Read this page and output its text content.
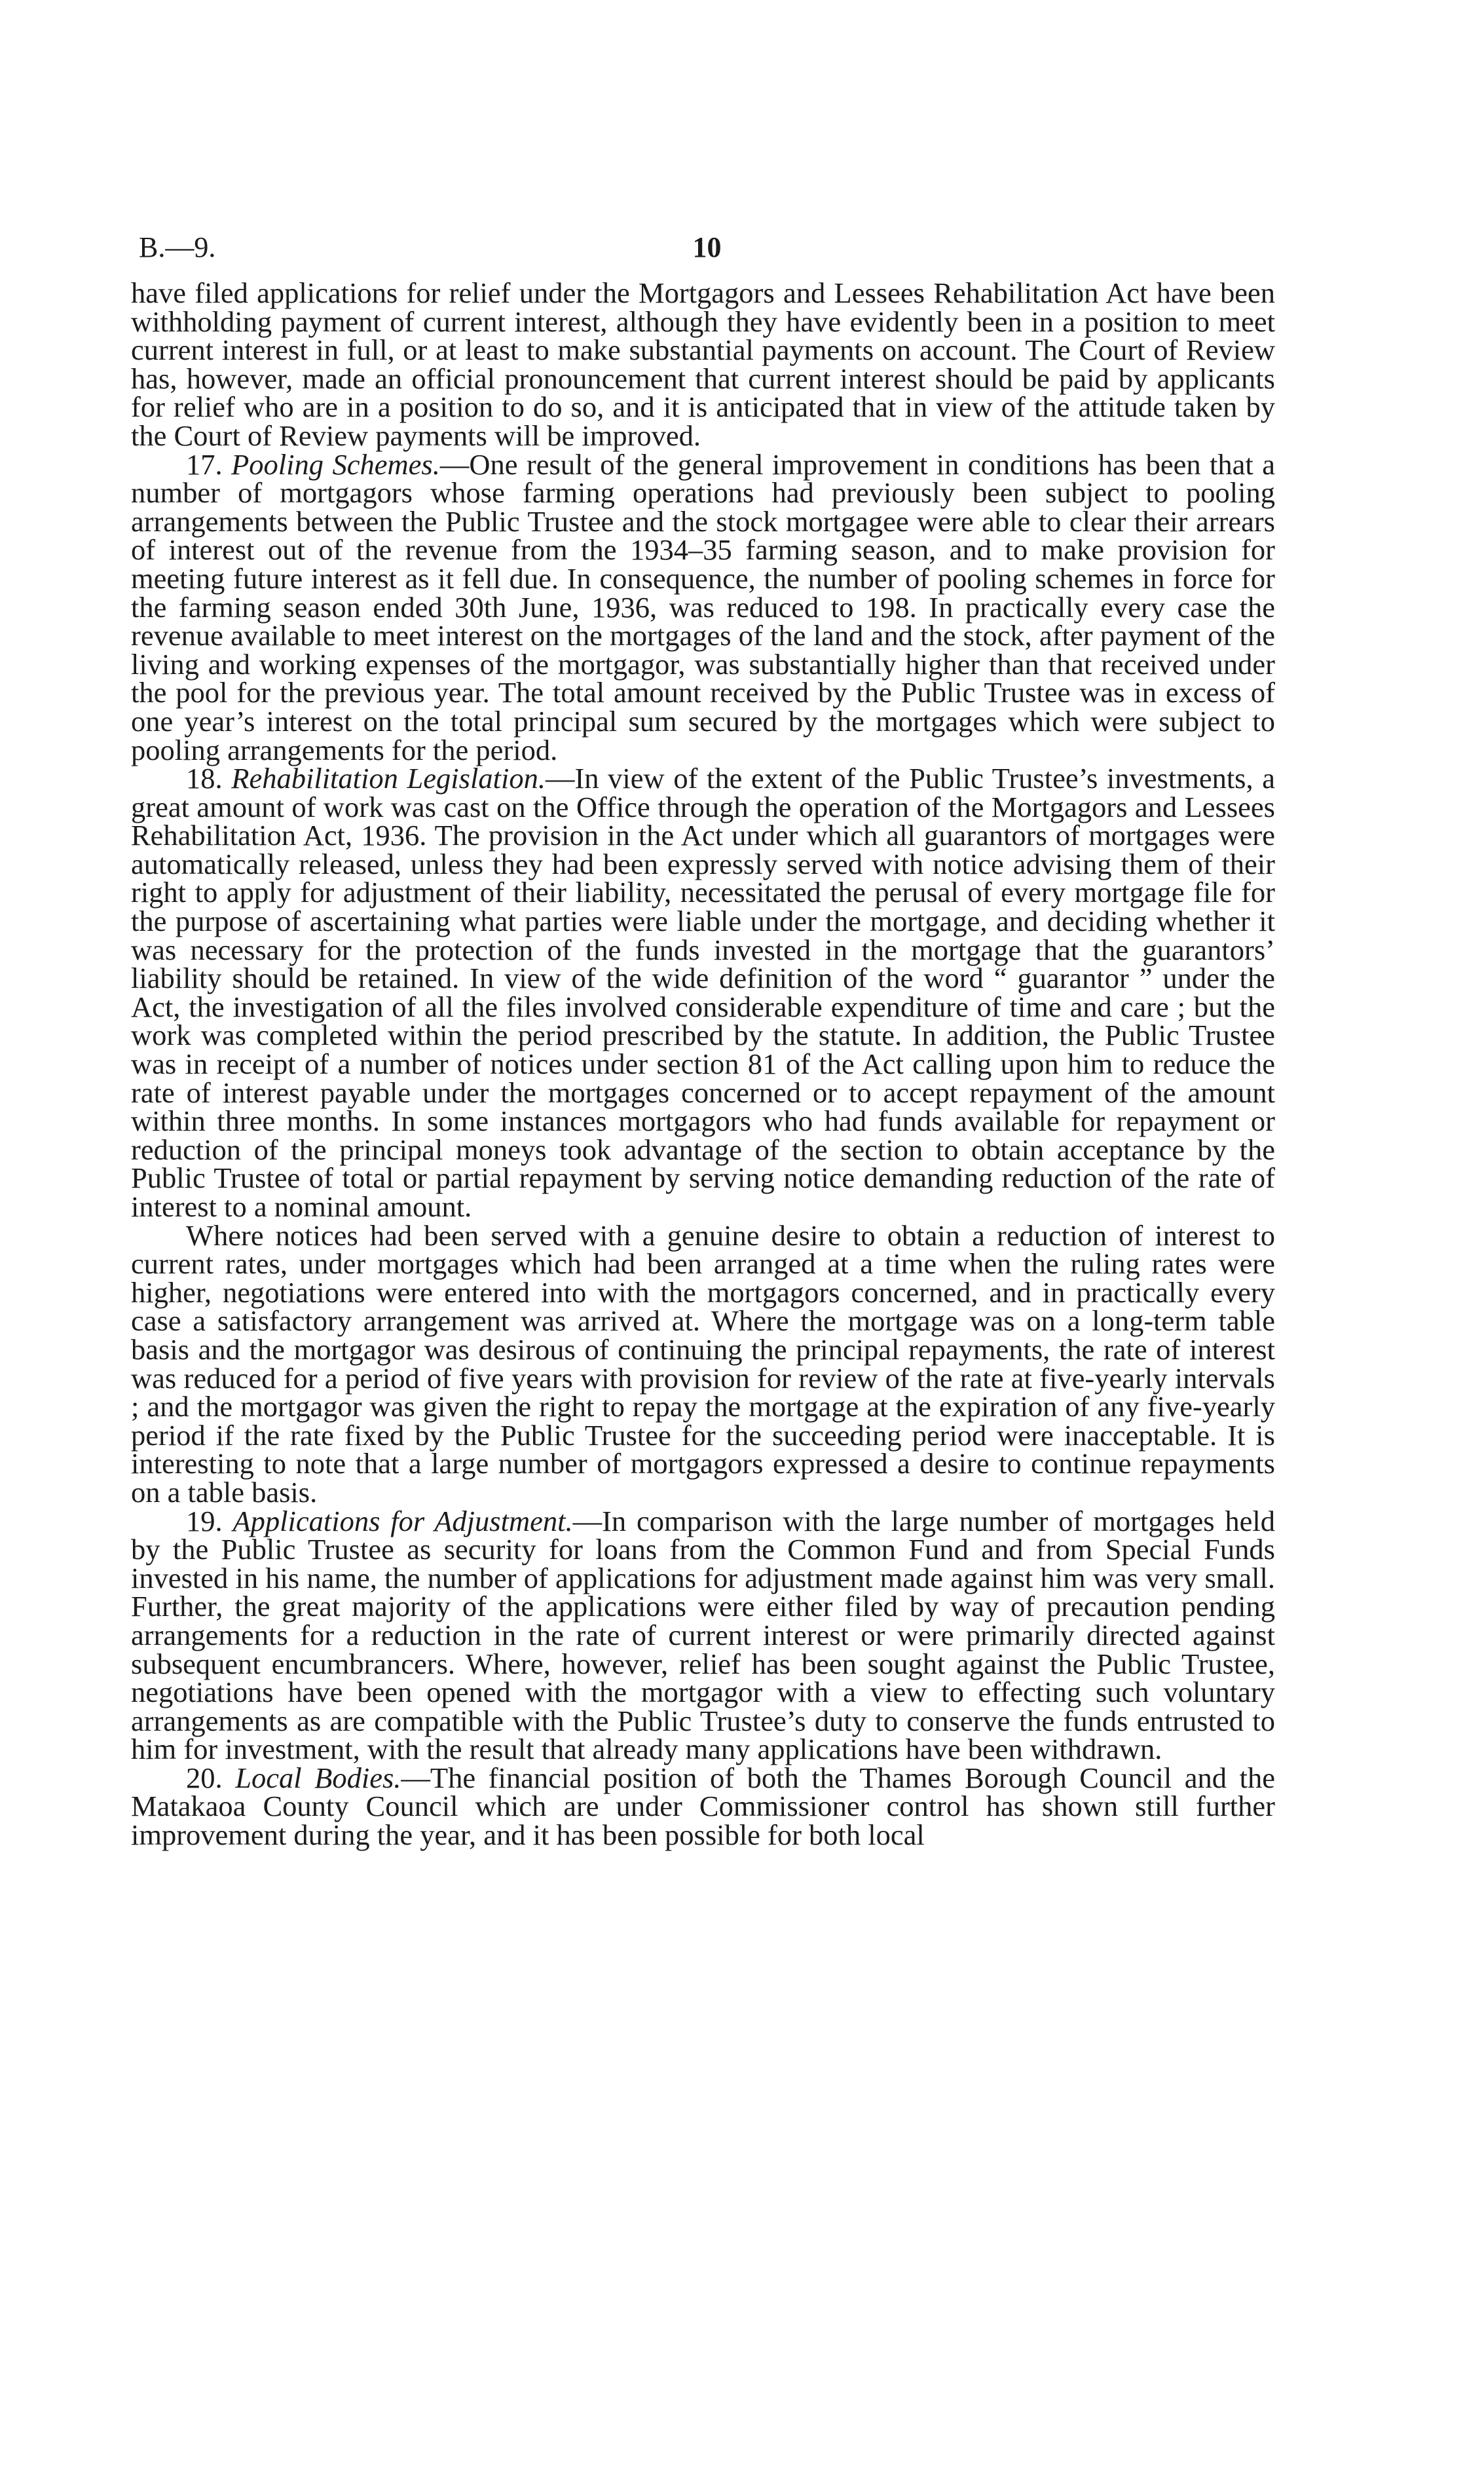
B.—9.	10

have filed applications for relief under the Mortgagors and Lessees Rehabilitation Act have been withholding payment of current interest, although they have evidently been in a position to meet current interest in full, or at least to make substantial payments on account. The Court of Review has, however, made an official pronouncement that current interest should be paid by applicants for relief who are in a position to do so, and it is anticipated that in view of the attitude taken by the Court of Review payments will be improved.

17. Pooling Schemes.—One result of the general improvement in conditions has been that a number of mortgagors whose farming operations had previously been subject to pooling arrangements between the Public Trustee and the stock mortgagee were able to clear their arrears of interest out of the revenue from the 1934–35 farming season, and to make provision for meeting future interest as it fell due. In consequence, the number of pooling schemes in force for the farming season ended 30th June, 1936, was reduced to 198. In practically every case the revenue available to meet interest on the mortgages of the land and the stock, after payment of the living and working expenses of the mortgagor, was substantially higher than that received under the pool for the previous year. The total amount received by the Public Trustee was in excess of one year’s interest on the total principal sum secured by the mortgages which were subject to pooling arrangements for the period.

18. Rehabilitation Legislation.—In view of the extent of the Public Trustee’s investments, a great amount of work was cast on the Office through the operation of the Mortgagors and Lessees Rehabilitation Act, 1936. The provision in the Act under which all guarantors of mortgages were automatically released, unless they had been expressly served with notice advising them of their right to apply for adjustment of their liability, necessitated the perusal of every mortgage file for the purpose of ascertaining what parties were liable under the mortgage, and deciding whether it was necessary for the protection of the funds invested in the mortgage that the guarantors’ liability should be retained. In view of the wide definition of the word “ guarantor ” under the Act, the investigation of all the files involved considerable expenditure of time and care ; but the work was completed within the period prescribed by the statute. In addition, the Public Trustee was in receipt of a number of notices under section 81 of the Act calling upon him to reduce the rate of interest payable under the mortgages concerned or to accept repayment of the amount within three months. In some instances mortgagors who had funds available for repayment or reduction of the principal moneys took advantage of the section to obtain acceptance by the Public Trustee of total or partial repayment by serving notice demanding reduction of the rate of interest to a nominal amount.

Where notices had been served with a genuine desire to obtain a reduction of interest to current rates, under mortgages which had been arranged at a time when the ruling rates were higher, negotiations were entered into with the mortgagors concerned, and in practically every case a satisfactory arrangement was arrived at. Where the mortgage was on a long-term table basis and the mortgagor was desirous of continuing the principal repayments, the rate of interest was reduced for a period of five years with provision for review of the rate at five-yearly intervals ; and the mortgagor was given the right to repay the mortgage at the expiration of any five-yearly period if the rate fixed by the Public Trustee for the succeeding period were inacceptable. It is interesting to note that a large number of mortgagors expressed a desire to continue repayments on a table basis.

19. Applications for Adjustment.—In comparison with the large number of mortgages held by the Public Trustee as security for loans from the Common Fund and from Special Funds invested in his name, the number of applications for adjustment made against him was very small. Further, the great majority of the applications were either filed by way of precaution pending arrangements for a reduction in the rate of current interest or were primarily directed against subsequent encumbrancers. Where, however, relief has been sought against the Public Trustee, negotiations have been opened with the mortgagor with a view to effecting such voluntary arrangements as are compatible with the Public Trustee’s duty to conserve the funds entrusted to him for investment, with the result that already many applications have been withdrawn.

20. Local Bodies.—The financial position of both the Thames Borough Council and the Matakaoa County Council which are under Commissioner control has shown still further improvement during the year, and it has been possible for both local
